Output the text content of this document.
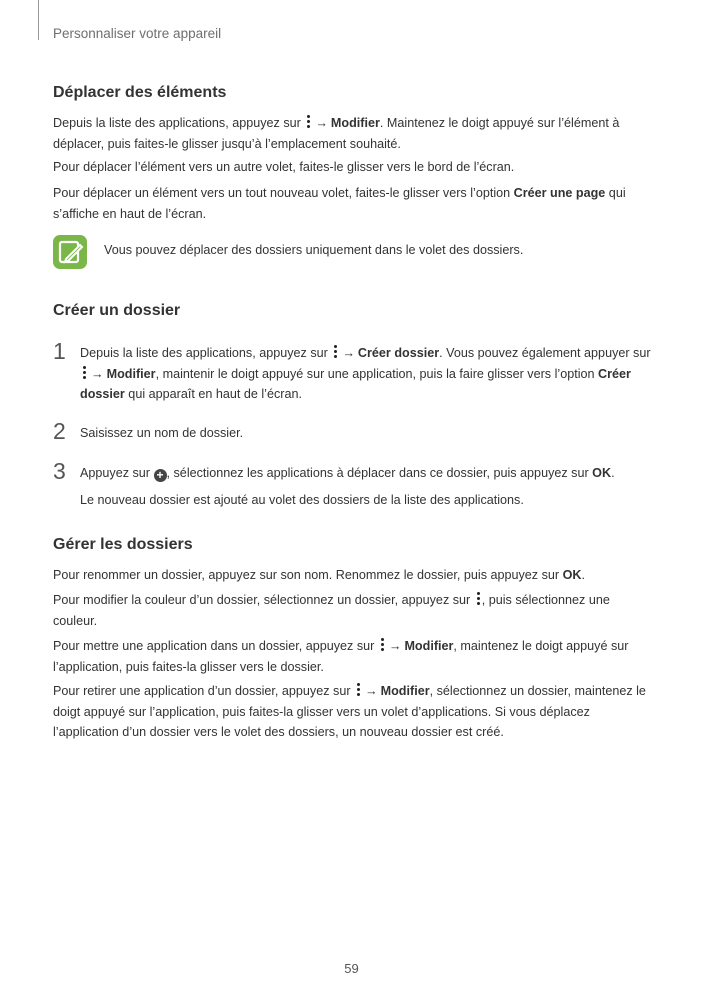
Personnaliser votre appareil
Déplacer des éléments

Depuis la liste des applications, appuyez sur → Modifier. Maintenez le doigt appuyé sur l’élément à déplacer, puis faites-le glisser jusqu’à l’emplacement souhaité.

Pour déplacer l’élément vers un autre volet, faites-le glisser vers le bord de l’écran.

Pour déplacer un élément vers un tout nouveau volet, faites-le glisser vers l’option Créer une page qui s’affiche en haut de l’écran.

Vous pouvez déplacer des dossiers uniquement dans le volet des dossiers.
Créer un dossier
1 Depuis la liste des applications, appuyez sur → Créer dossier. Vous pouvez également appuyer sur
→ Modifier, maintenir le doigt appuyé sur une application, puis la faire glisser vers l’option Créer dossier qui apparaît en haut de l’écran.

2 Saisissez un nom de dossier.

3 Appuyez sur + , sélectionnez les applications à déplacer dans ce dossier, puis appuyez sur OK.

Le nouveau dossier est ajouté au volet des dossiers de la liste des applications.

Gérer les dossiers

Pour renommer un dossier, appuyez sur son nom. Renommez le dossier, puis appuyez sur OK.

Pour modifier la couleur d’un dossier, sélectionnez un dossier, appuyez sur , puis sélectionnez une couleur.

Pour mettre une application dans un dossier, appuyez sur → Modifier, maintenez le doigt appuyé sur l’application, puis faites-la glisser vers le dossier.

Pour retirer une application d’un dossier, appuyez sur → Modifier, sélectionnez un dossier, maintenez le doigt appuyé sur l’application, puis faites-la glisser vers un volet d’applications. Si vous déplacez l’application d’un dossier vers le volet des dossiers, un nouveau dossier est créé.

59
